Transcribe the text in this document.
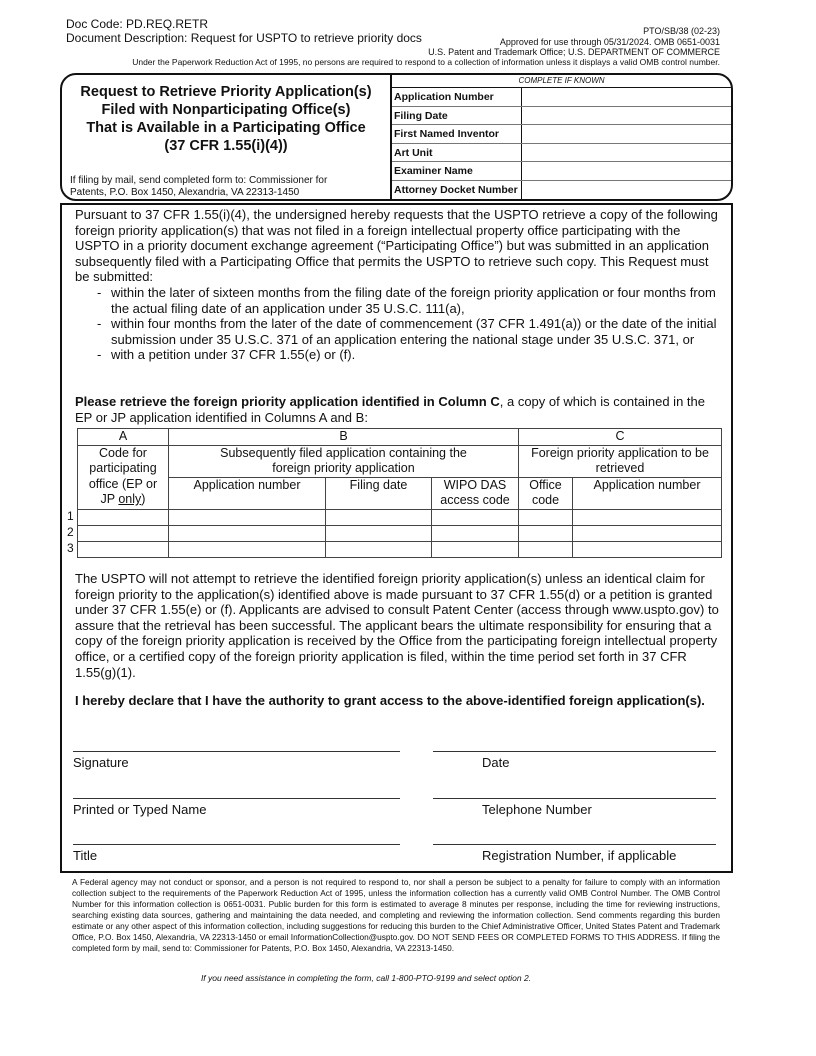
Doc Code: PD.REQ.RETR
Document Description: Request for USPTO to retrieve priority docs	PTO/SB/38 (02-23)
Approved for use through 05/31/2024. OMB 0651-0031
U.S. Patent and Trademark Office; U.S. DEPARTMENT OF COMMERCE
Under the Paperwork Reduction Act of 1995, no persons are required to respond to a collection of information unless it displays a valid OMB control number.
Request to Retrieve Priority Application(s)
Filed with Nonparticipating Office(s)
That is Available in a Participating Office
(37 CFR 1.55(i)(4))
If filing by mail, send completed form to: Commissioner for Patents, P.O. Box 1450, Alexandria, VA 22313-1450
COMPLETE IF KNOWN
Application Number
Filing Date
First Named Inventor
Art Unit
Examiner Name
Attorney Docket Number
Pursuant to 37 CFR 1.55(i)(4), the undersigned hereby requests that the USPTO retrieve a copy of the following foreign priority application(s) that was not filed in a foreign intellectual property office participating with the USPTO in a priority document exchange agreement (“Participating Office”) but was submitted in an application subsequently filed with a Participating Office that permits the USPTO to retrieve such copy. This Request must be submitted:
- within the later of sixteen months from the filing date of the foreign priority application or four months from the actual filing date of an application under 35 U.S.C. 111(a),
- within four months from the later of the date of commencement (37 CFR 1.491(a)) or the date of the initial submission under 35 U.S.C. 371 of an application entering the national stage under 35 U.S.C. 371, or
- with a petition under 37 CFR 1.55(e) or (f).
Please retrieve the foreign priority application identified in Column C, a copy of which is contained in the EP or JP application identified in Columns A and B:
A	B			C	
Code for participating office (EP or JP only)	Subsequently filed application containing the foreign priority application			Foreign priority application to be retrieved	
	Application number	Filing date	WIPO DAS access code	Office code	Application number

1
2
3
The USPTO will not attempt to retrieve the identified foreign priority application(s) unless an identical claim for foreign priority to the application(s) identified above is made pursuant to 37 CFR 1.55(d) or a petition is granted under 37 CFR 1.55(e) or (f). Applicants are advised to consult Patent Center (access through www.uspto.gov) to assure that the retrieval has been successful. The applicant bears the ultimate responsibility for ensuring that a copy of the foreign priority application is received by the Office from the participating foreign intellectual property office, or a certified copy of the foreign priority application is filed, within the time period set forth in 37 CFR 1.55(g)(1).
I hereby declare that I have the authority to grant access to the above-identified foreign application(s).
Signature	Date
Printed or Typed Name	Telephone Number
Title	Registration Number, if applicable
A Federal agency may not conduct or sponsor, and a person is not required to respond to, nor shall a person be subject to a penalty for failure to comply with an information collection subject to the requirements of the Paperwork Reduction Act of 1995, unless the information collection has a currently valid OMB Control Number. The OMB Control Number for this information collection is 0651-0031. Public burden for this form is estimated to average 8 minutes per response, including the time for reviewing instructions, searching existing data sources, gathering and maintaining the data needed, and completing and reviewing the information collection. Send comments regarding this burden estimate or any other aspect of this information collection, including suggestions for reducing this burden to the Chief Administrative Officer, United States Patent and Trademark Office, P.O. Box 1450, Alexandria, VA 22313-1450 or email InformationCollection@uspto.gov. DO NOT SEND FEES OR COMPLETED FORMS TO THIS ADDRESS. If filing the completed form by mail, send to: Commissioner for Patents, P.O. Box 1450, Alexandria, VA 22313-1450.
If you need assistance in completing the form, call 1-800-PTO-9199 and select option 2.
